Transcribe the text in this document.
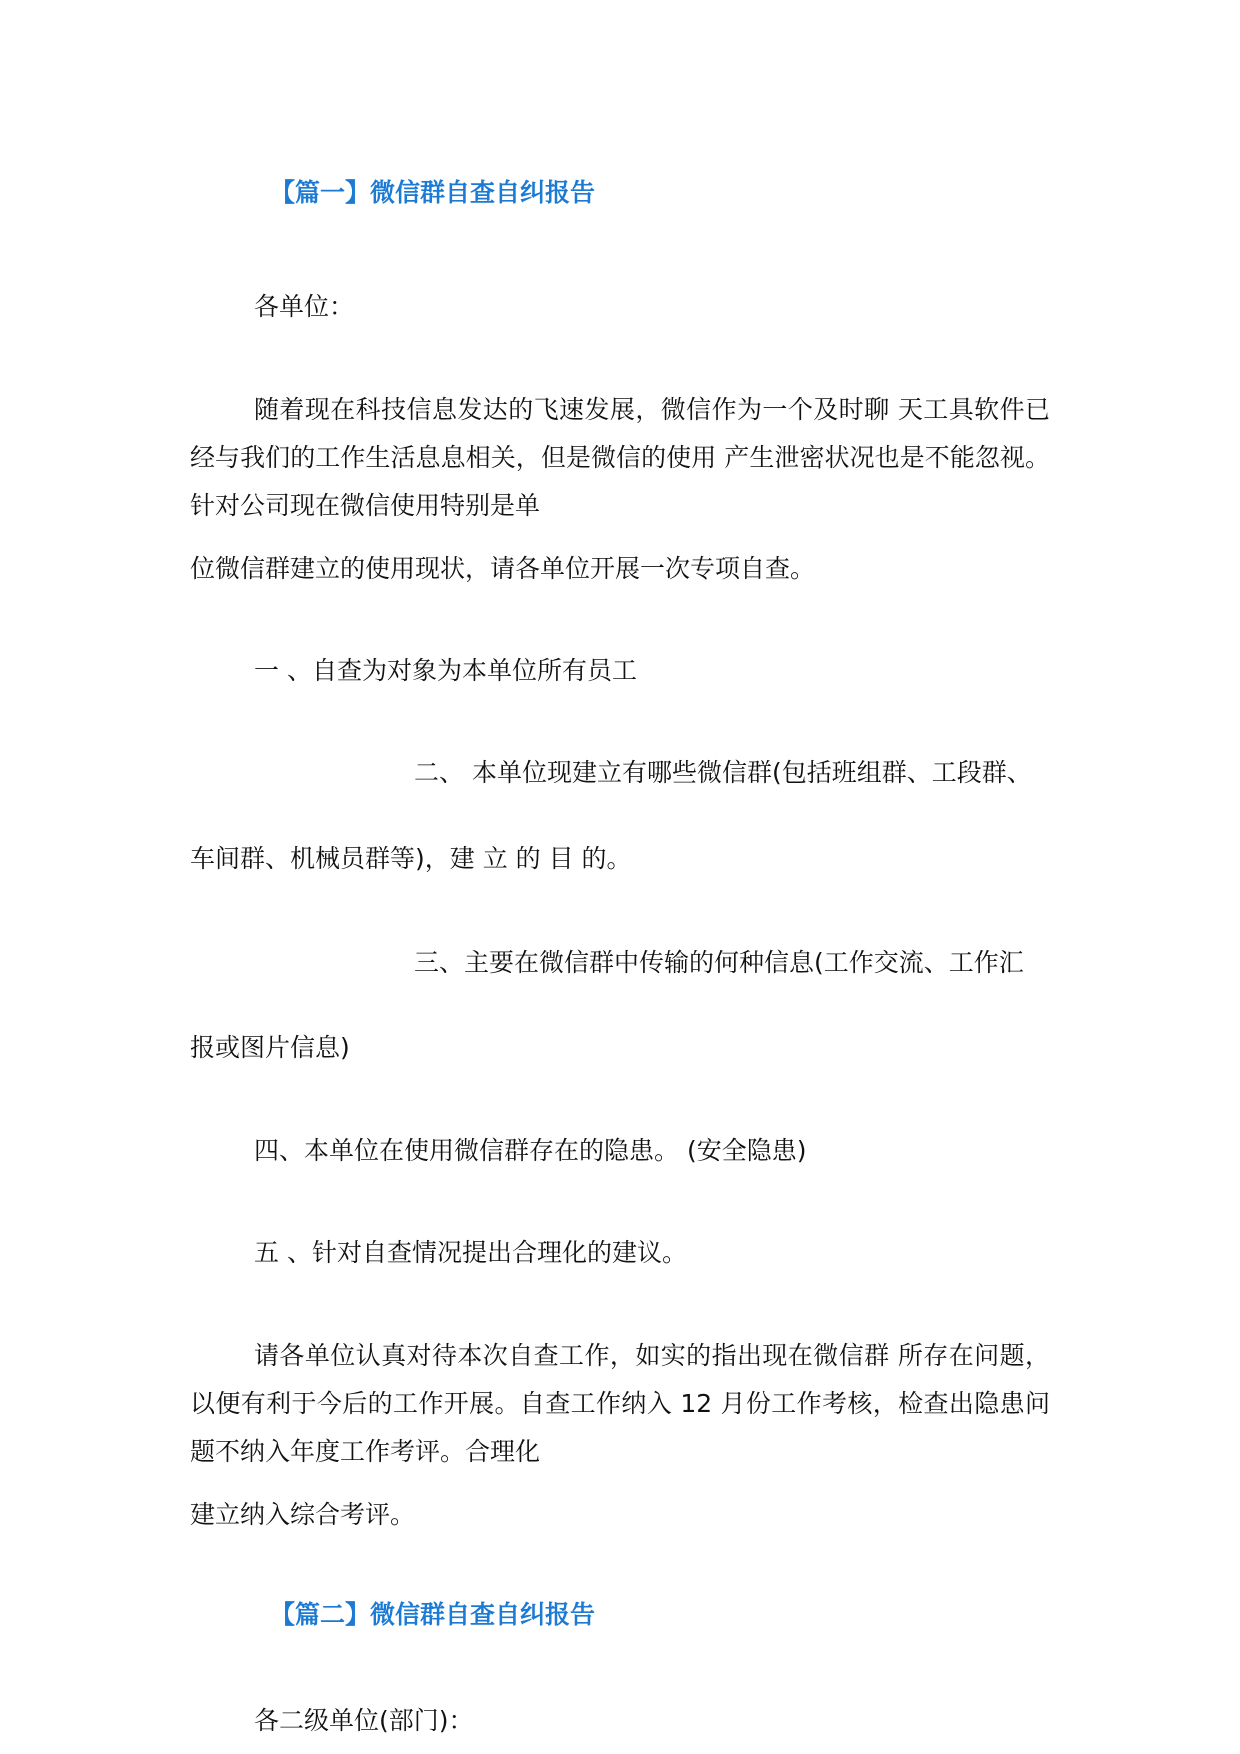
【篇一】微信群自查自纠报告
各单位：

随着现在科技信息发达的飞速发展，微信作为一个及时聊 天工具软件已经与我们的工作生活息息相关，但是微信的使用 产生泄密状况也是不能忽视。针对公司现在微信使用特别是单

位微信群建立的使用现状，请各单位开展一次专项自查。
一 、自查为对象为本单位所有员工
二、 本单位现建立有哪些微信群(包括班组群、工段群、
车间群、机械员群等)，建 立 的 目 的。
三、主要在微信群中传输的何种信息(工作交流、工作汇
报或图片信息)
四、本单位在使用微信群存在的隐患。 (安全隐患)
五 、针对自查情况提出合理化的建议。

请各单位认真对待本次自查工作，如实的指出现在微信群 所存在问题，以便有利于今后的工作开展。自查工作纳入 12 月份工作考核，检查出隐患问题不纳入年度工作考评。合理化

建立纳入综合考评。
【篇二】微信群自查自纠报告
各二级单位(部门)：
